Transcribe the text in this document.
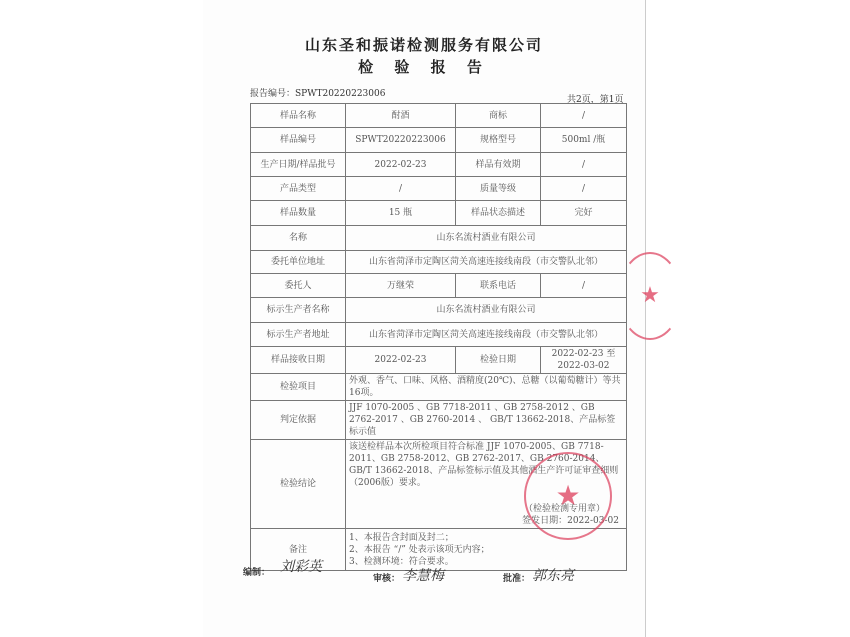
山东圣和振诺检测服务有限公司
检 验 报 告
报告编号：SPWT20220223006
共2页，第1页
样品名称	酎酒	商标	/
样品编号	SPWT20220223006	规格型号	500ml /瓶
生产日期/样品批号	2022-02-23	样品有效期	/
产品类型	/	质量等级	/
样品数量	15 瓶	样品状态描述	完好
名称	山东名流村酒业有限公司		
委托单位地址	山东省菏泽市定陶区菏关高速连接线南段（市交警队北邻）		
委托人	万继荣	联系电话	/
标示生产者名称	山东名流村酒业有限公司		
标示生产者地址	山东省菏泽市定陶区菏关高速连接线南段（市交警队北邻）		
样品接收日期	2022-02-23	检验日期	2022-02-23 至 2022-03-02
检验项目	外观、香气、口味、风格、酒精度(20℃)、总糖（以葡萄糖计）等共16项。		
判定依据	JJF 1070-2005 、GB 7718-2011 、GB 2758-2012 、GB 2762-2017 、GB 2760-2014 、 GB/T 13662-2018、产品标签标示值		
检验结论	该送检样品本次所检项目符合标准 JJF 1070-2005、GB 7718-2011、GB 2758-2012、GB 2762-2017、GB 2760-2014、GB/T 13662-2018、产品标签标示值及其他酒生产许可证审查细则（2006版）要求。
（检验检测专用章）
签发日期：2022-03-02		

备注	1、本报告含封面及封二；
2、本报告 “/” 处表示该项无内容；
3、检测环境：符合要求。		
★
★
编制： 刘彩英
审核： 李慧梅	批准： 郭东亮
